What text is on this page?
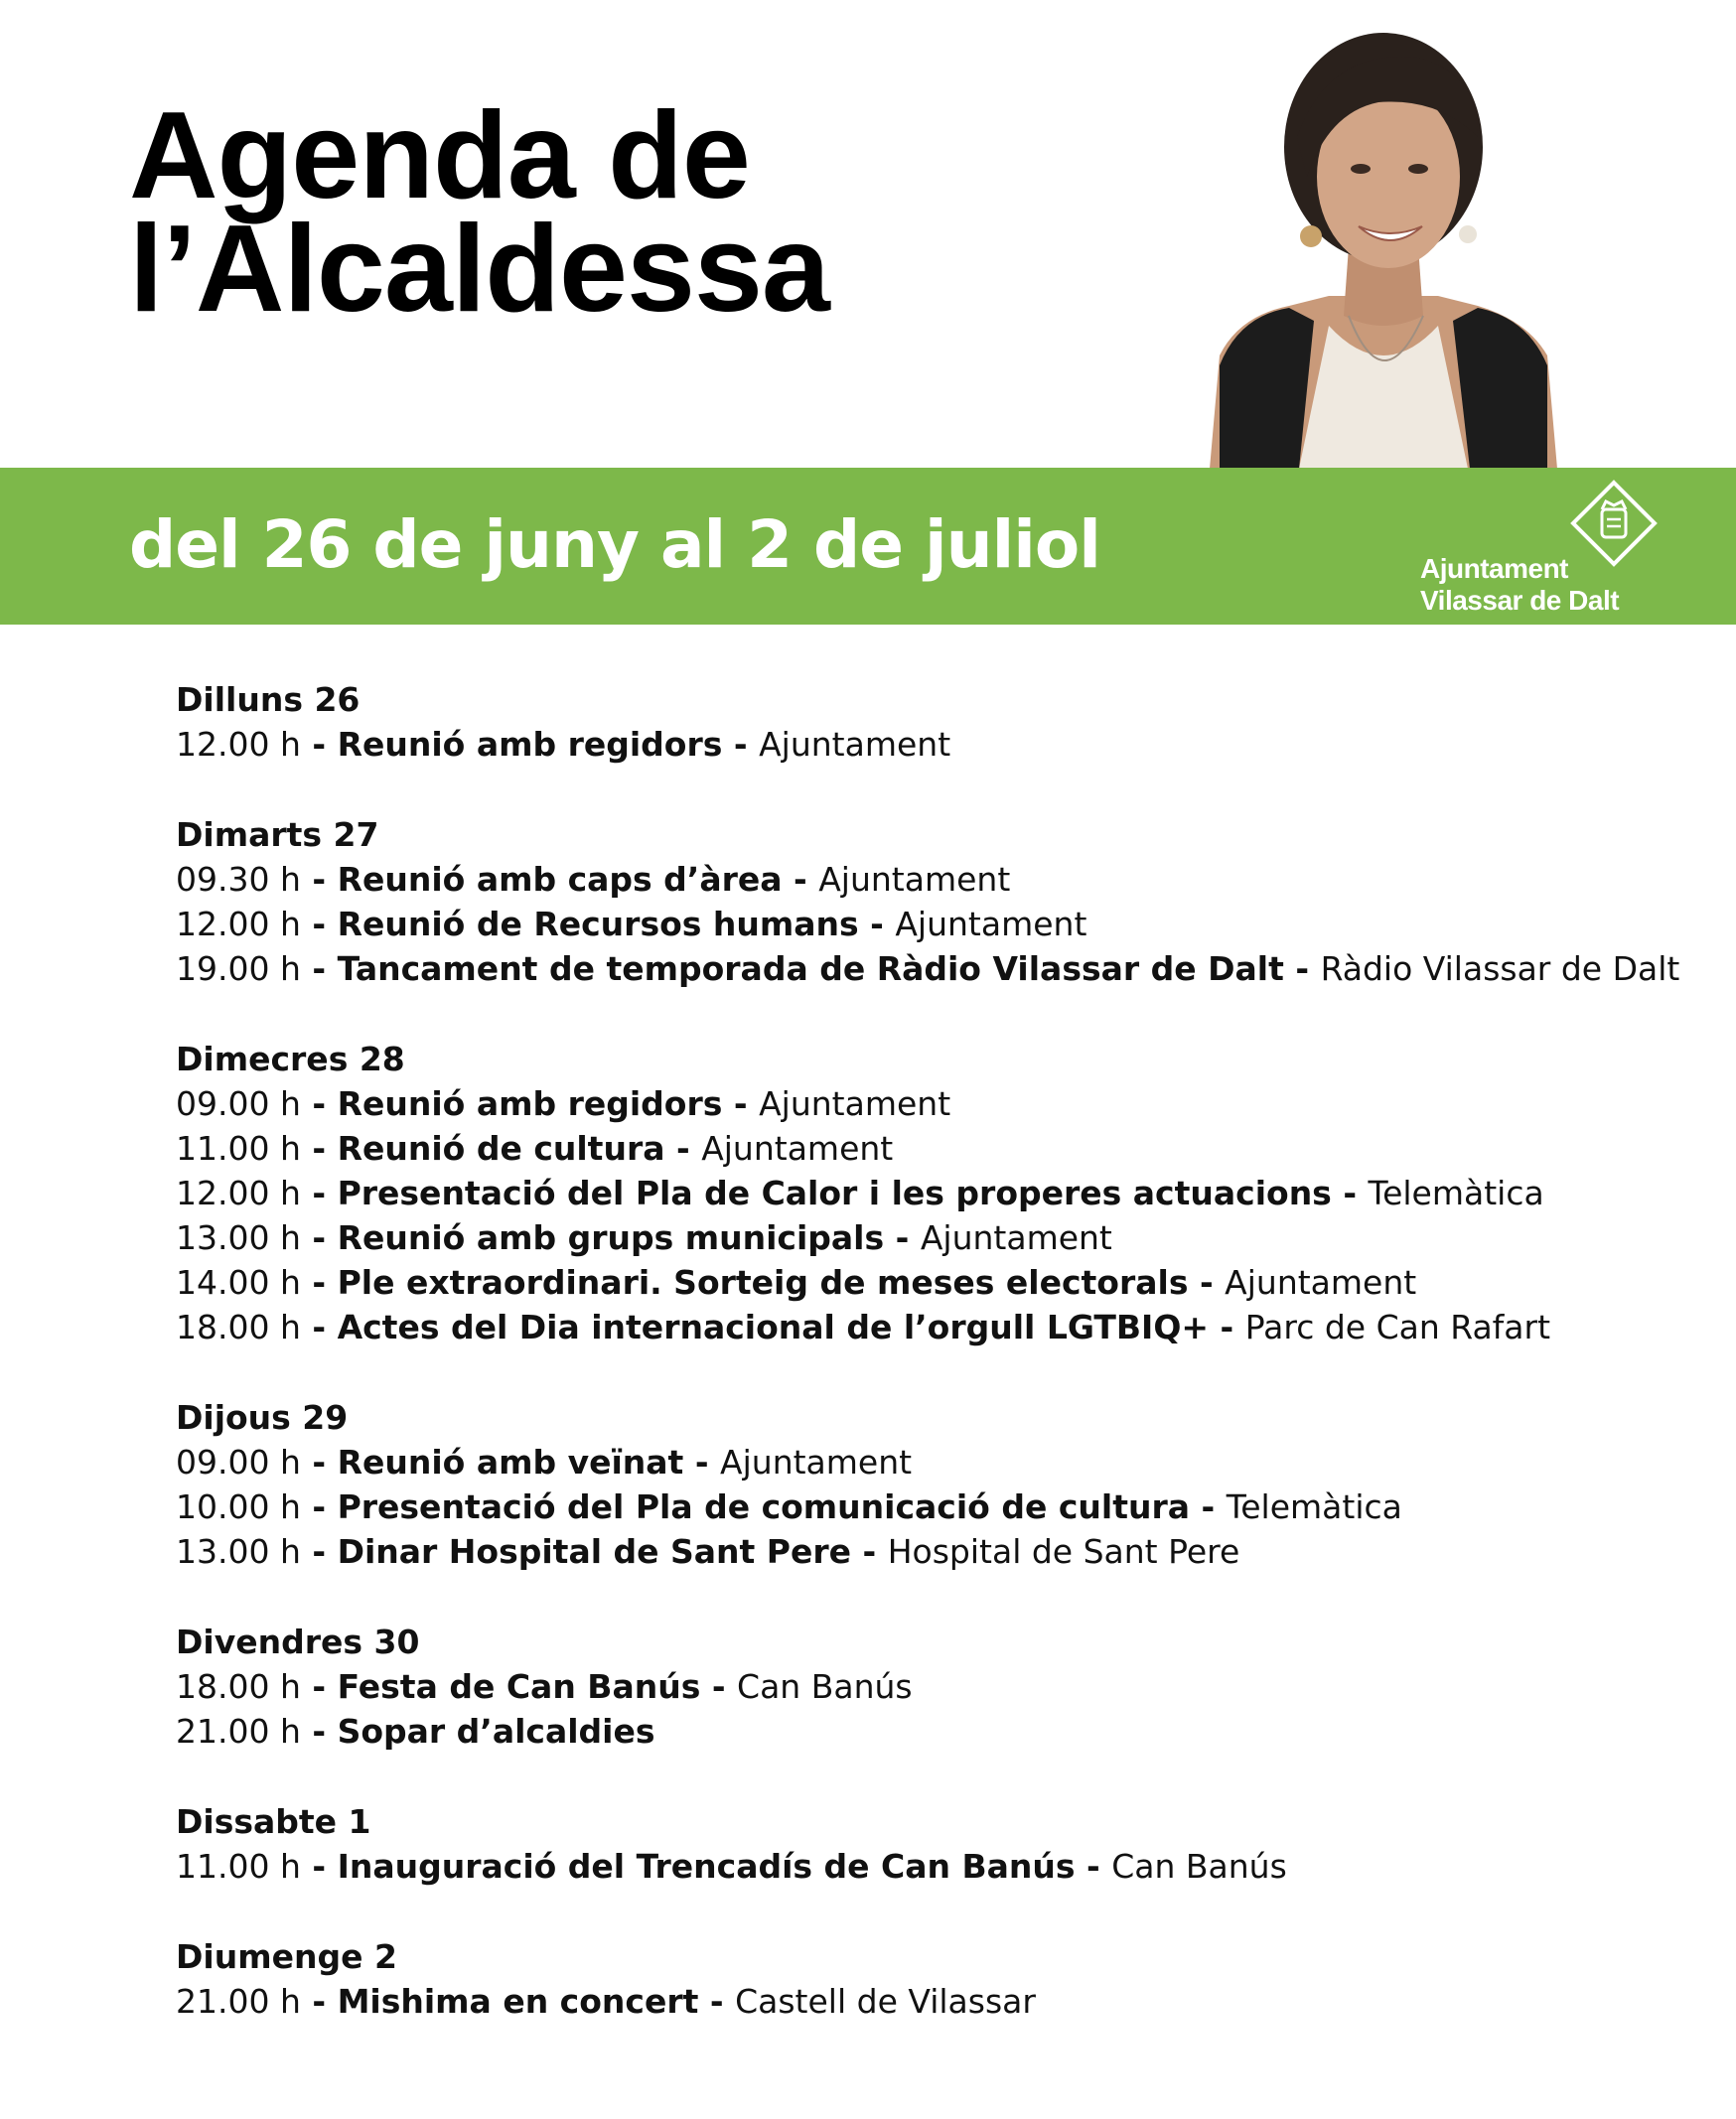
Agenda de
l’Alcaldessa

del 26 de juny al 2 de juliol	Ajuntament
Vilassar de Dalt
Dilluns 26
12.00 h - Reunió amb regidors - Ajuntament
Dimarts 27
09.30 h - Reunió amb caps d’àrea - Ajuntament
12.00 h - Reunió de Recursos humans - Ajuntament
19.00 h - Tancament de temporada de Ràdio Vilassar de Dalt - Ràdio Vilassar de Dalt
Dimecres 28
09.00 h - Reunió amb regidors - Ajuntament
11.00 h - Reunió de cultura - Ajuntament
12.00 h - Presentació del Pla de Calor i les properes actuacions - Telemàtica
13.00 h - Reunió amb grups municipals - Ajuntament
14.00 h - Ple extraordinari. Sorteig de meses electorals - Ajuntament
18.00 h - Actes del Dia internacional de l’orgull LGTBIQ+ - Parc de Can Rafart
Dijous 29
09.00 h - Reunió amb veïnat - Ajuntament
10.00 h - Presentació del Pla de comunicació de cultura - Telemàtica
13.00 h - Dinar Hospital de Sant Pere - Hospital de Sant Pere
Divendres 30
18.00 h - Festa de Can Banús - Can Banús
21.00 h - Sopar d’alcaldies
Dissabte 1
11.00 h - Inauguració del Trencadís de Can Banús - Can Banús
Diumenge 2
21.00 h - Mishima en concert - Castell de Vilassar
